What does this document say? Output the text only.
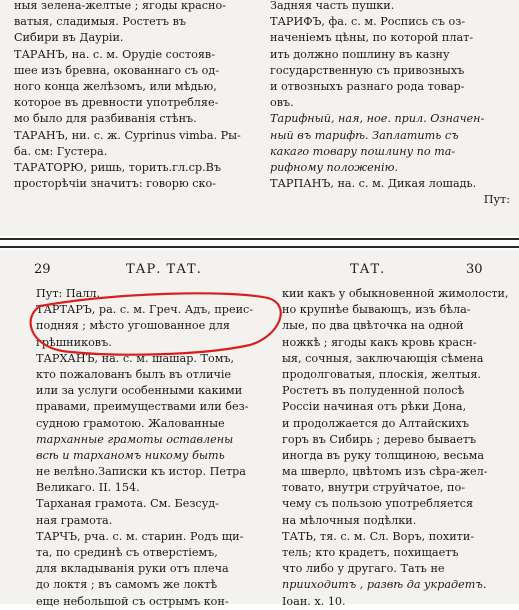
ныя зелена-желтые ; ягоды красно-
ватыя, сладимыя. Ростетъ въ
Сибири въ Дауріи.
ТАРАНЪ, на. с. м. Орудіе состояв-
шее изъ бревна, окованнаго съ од-
ного конца желѣзомъ, или мѣдью,
которое въ древности употребляе-
мо было для разбиванія стѣнъ.
ТАРАНЪ, ни. с. ж. Cyprinus vimba. Ры-
ба. см: Густера.
ТАРАТОРЮ, ришь, торить.гл.ср.Въ
просторѣчіи значитъ: говорю ско-
Задняя часть пушки.
ТАРИФЪ, фа. с. м. Роспись съ оз-
наченіемъ цѣны, по которой плат-
ить должно пошлину въ казну
государственную съ привозныхъ
и отвозныхъ разнаго рода товар-
овъ.
Тарифный, ная, ное. прил. Означен-
ный въ тарифѣ. Заплатить съ
какаго товару пошлину по та-
рифному положенію.
ТАРПАНЪ, на. с. м. Дикая лошадь.
Пут:
29	ТАР. ТАТ.	ТАТ.	30
Пут: Палл.
ТАРТАРЪ, ра. с. м. Греч. Адъ, преис-
подняя ; мѣсто угошованное для
грѣшниковъ.
ТАРХАНЪ, на. с. м. шашар. Томъ,
кто пожалованъ былъ въ отличіе
или за услуги особенными какими
правами, преимуществами или без-
судною грамотою. Жалованные
тарханные грамоты оставлены
всѣ и тарханомъ никому быть
не велѣно.Записки къ истор. Петра
Великаго. II. 154.
Тарханая грамота. См. Безсуд-
ная грамота.
ТАРЧЪ, рча. с. м. старин. Родъ щи-
та, по срединѣ съ отверстіемъ,
для вкладыванія руки отъ плеча
до локтя ; въ самомъ же локтѣ
еще небольшой съ острымъ кон-
кии какъ у обыкновенной жимолости,
но крупнѣе бывающъ, изъ бѣла-
лые, по два цвѣточка на одной
ножкѣ ; ягоды какъ кровь красн-
ыя, сочныя, заключающія сѣмена
продолговатыя, плоскія, желтыя.
Ростетъ въ полуденной полосѣ
Россіи начиная отъ рѣки Дона,
и продолжается до Алтайскихъ
горъ въ Сибирь ; дерево бываетъ
иногда въ руку толщиною, весьма
ма шверло, цвѣтомъ изъ сѣра-жел-
товато, внутри струйчатое, по-
чему съ пользою употребляется
на мѣлочныя подѣлки.
ТАТЬ, тя. с. м. Сл. Воръ, похити-
тель; кто крадетъ, похищаетъ
что либо у другаго. Тать не
прииходитъ , развѣ да украдетъ.
Іоан. х. 10.
